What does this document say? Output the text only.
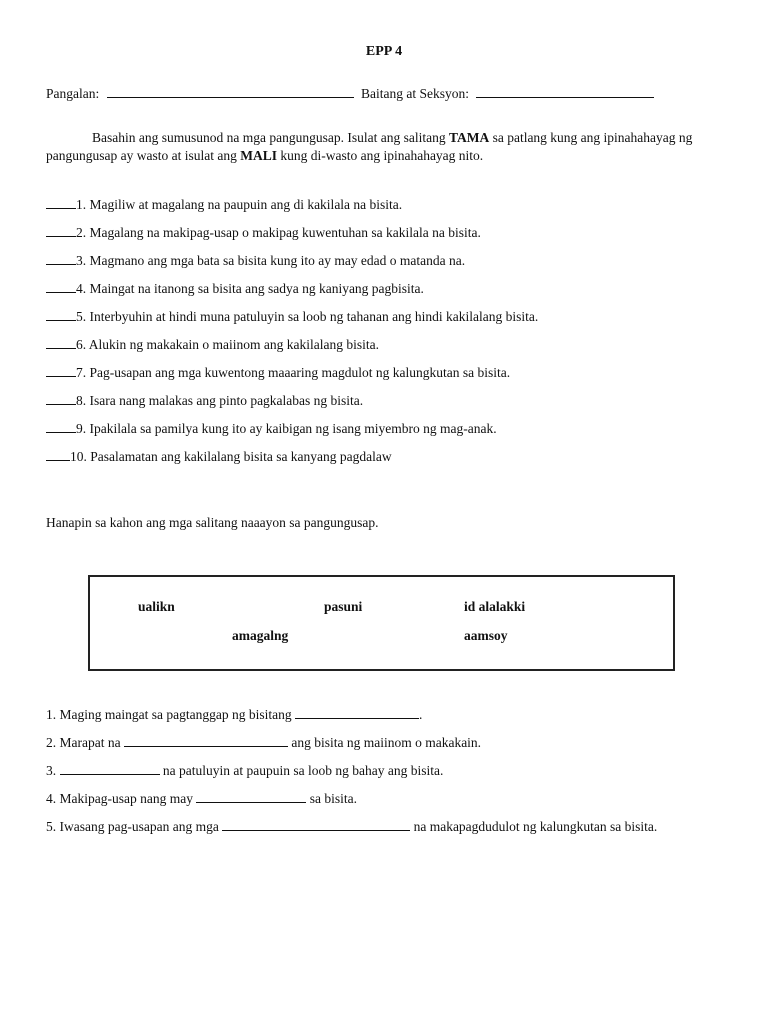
EPP 4
Pangalan:	Baitang at Seksyon:
Basahin ang sumusunod na mga pangungusap. Isulat ang salitang TAMA sa patlang kung ang ipinahahayag ng pangungusap ay wasto at isulat ang MALI kung di-wasto ang ipinahahayag nito.
1. Magiliw at magalang na paupuin ang di kakilala na bisita.
2. Magalang na makipag-usap o makipag kuwentuhan sa kakilala na bisita.
3. Magmano ang mga bata sa bisita kung ito ay may edad o matanda na.
4. Maingat na itanong sa bisita ang sadya ng kaniyang pagbisita.
5. Interbyuhin at hindi muna patuluyin sa loob ng tahanan ang hindi kakilalang bisita.
6. Alukin ng makakain o maiinom ang kakilalang bisita.
7. Pag-usapan ang mga kuwentong maaaring magdulot ng kalungkutan sa bisita.
8. Isara nang malakas ang pinto pagkalabas ng bisita.
9. Ipakilala sa pamilya kung ito ay kaibigan ng isang miyembro ng mag-anak.
10. Pasalamatan ang kakilalang bisita sa kanyang pagdalaw
Hanapin sa kahon ang mga salitang naaayon sa pangungusap.
ualikn	pasuni	id alalakki
amagalng	aamsoy
1. Maging maingat sa pagtanggap ng bisitang	.
2. Marapat na	ang bisita ng maiinom o makakain.
3.	na patuluyin at paupuin sa loob ng bahay ang bisita.
4. Makipag-usap nang may	sa bisita.
5. Iwasang pag-usapan ang mga	na makapagdudulot ng kalungkutan sa bisita.
